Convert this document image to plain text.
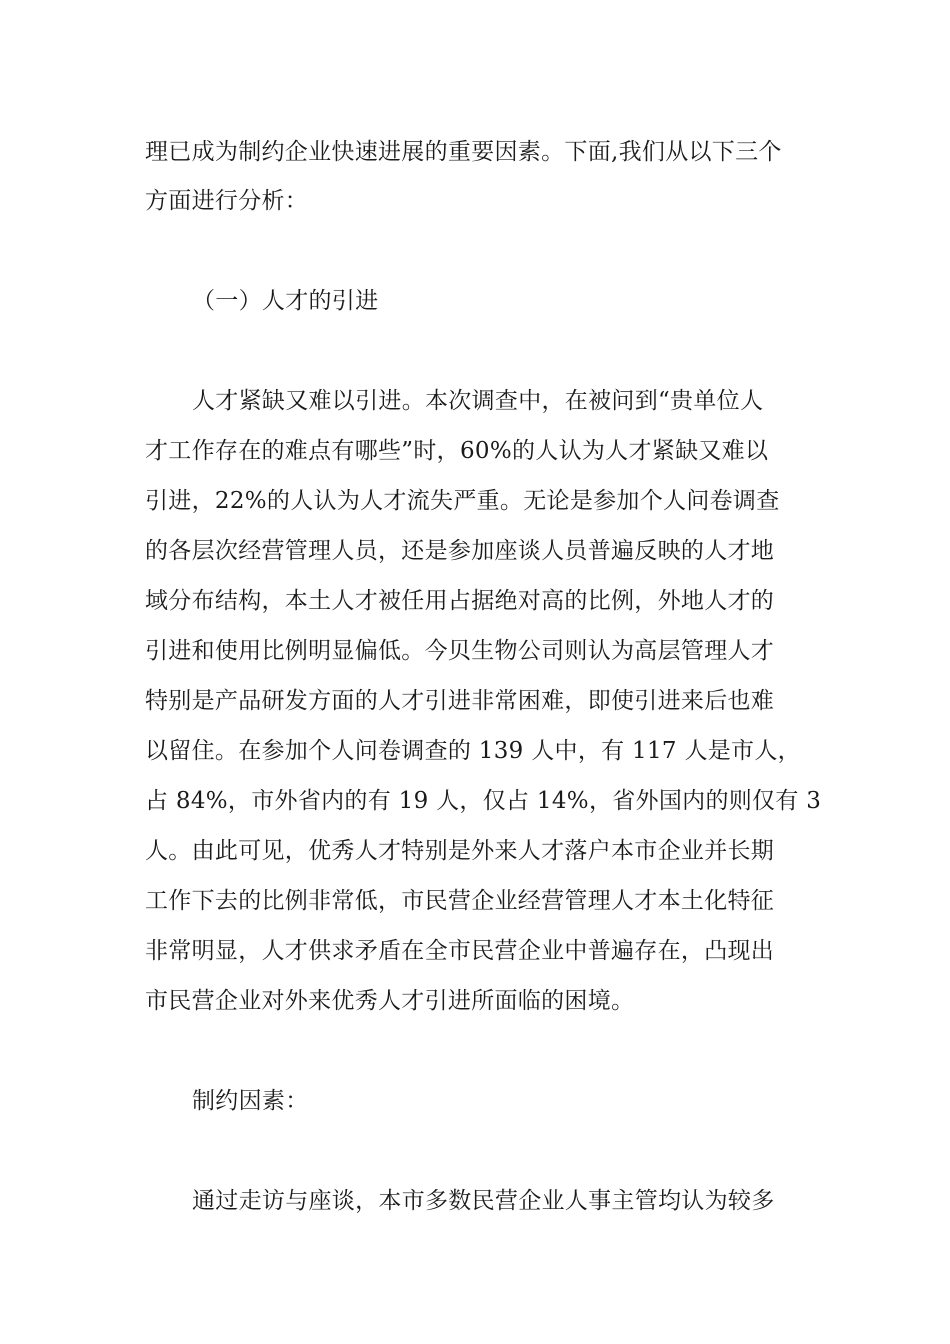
理已成为制约企业快速进展的重要因素。下面,我们从以下三个
方面进行分析：
（一）人才的引进
人才紧缺又难以引进。本次调查中，在被问到“贵单位人
才工作存在的难点有哪些”时，60%的人认为人才紧缺又难以
引进，22%的人认为人才流失严重。无论是参加个人问卷调查
的各层次经营管理人员，还是参加座谈人员普遍反映的人才地
域分布结构，本土人才被任用占据绝对高的比例，外地人才的
引进和使用比例明显偏低。今贝生物公司则认为高层管理人才
特别是产品研发方面的人才引进非常困难，即使引进来后也难
以留住。在参加个人问卷调查的 139 人中，有 117 人是市人，
占 84%，市外省内的有 19 人，仅占 14%，省外国内的则仅有 3
人。由此可见，优秀人才特别是外来人才落户本市企业并长期
工作下去的比例非常低，市民营企业经营管理人才本土化特征
非常明显，人才供求矛盾在全市民营企业中普遍存在，凸现出
市民营企业对外来优秀人才引进所面临的困境。
制约因素：
通过走访与座谈，本市多数民营企业人事主管均认为较多
